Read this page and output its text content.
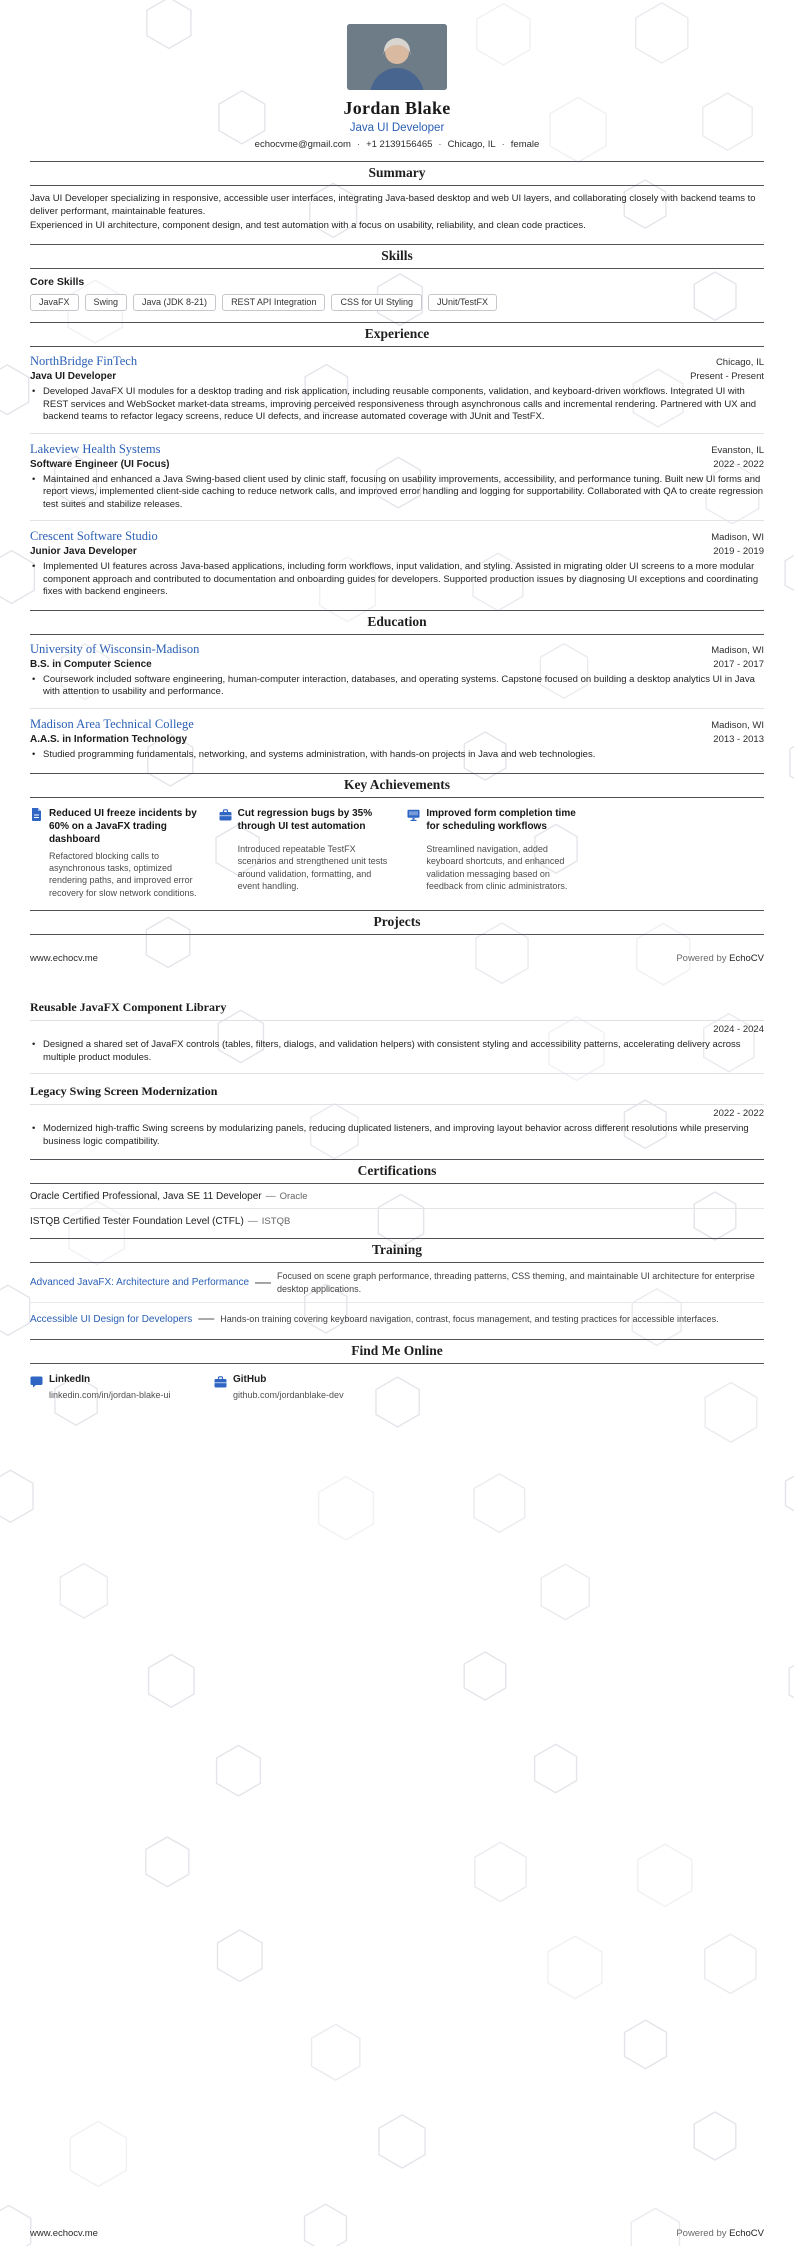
Jordan Blake
Java UI Developer
echocvme@gmail.com · +1 2139156465 · Chicago, IL · female
Summary

Java UI Developer specializing in responsive, accessible user interfaces, integrating Java-based desktop and web UI layers, and collaborating closely with backend teams to deliver performant, maintainable features.

Experienced in UI architecture, component design, and test automation with a focus on usability, reliability, and clean code practices.

Skills
Core Skills
JavaFX	Swing	Java (JDK 8-21)	REST API Integration	CSS for UI Styling	JUnit/TestFX
Experience
NorthBridge FinTech	Chicago, IL
Java UI Developer	Present - Present

• Developed JavaFX UI modules for a desktop trading and risk application, including reusable components, validation, and keyboard-driven workflows. Integrated UI with REST services and WebSocket market-data streams, improving perceived responsiveness through asynchronous calls and incremental rendering. Partnered with UX and backend teams to refactor legacy screens, reduce UI defects, and increase automated coverage with JUnit and TestFX.

Lakeview Health Systems	Evanston, IL
Software Engineer (UI Focus)	2022 - 2022

• Maintained and enhanced a Java Swing-based client used by clinic staff, focusing on usability improvements, accessibility, and performance tuning. Built new UI forms and report views, implemented client-side caching to reduce network calls, and improved error handling and logging for supportability. Collaborated with QA to create regression test suites and stabilize releases.

Crescent Software Studio	Madison, WI
Junior Java Developer	2019 - 2019

• Implemented UI features across Java-based applications, including form workflows, input validation, and styling. Assisted in migrating older UI screens to a more modular component approach and contributed to documentation and onboarding guides for developers. Supported production issues by diagnosing UI exceptions and coordinating fixes with backend engineers.

Education
University of Wisconsin-Madison	Madison, WI
B.S. in Computer Science	2017 - 2017

• Coursework included software engineering, human-computer interaction, databases, and operating systems. Capstone focused on building a desktop analytics UI in Java with attention to usability and performance.

Madison Area Technical College	Madison, WI
A.A.S. in Information Technology	2013 - 2013

• Studied programming fundamentals, networking, and systems administration, with hands-on projects in Java and web technologies.

Key Achievements
Reduced UI freeze incidents by 60% on a JavaFX trading dashboard
Refactored blocking calls to asynchronous tasks, optimized rendering paths, and improved error recovery for slow network conditions.
Cut regression bugs by 35% through UI test automation
Introduced repeatable TestFX scenarios and strengthened unit tests around validation, formatting, and event handling.
Improved form completion time for scheduling workflows
Streamlined navigation, added keyboard shortcuts, and enhanced validation messaging based on feedback from clinic administrators.
Projects
www.echocv.me	Powered by EchoCV
Reusable JavaFX Component Library
2024 - 2024

• Designed a shared set of JavaFX controls (tables, filters, dialogs, and validation helpers) with consistent styling and accessibility patterns, accelerating delivery across multiple product modules.

Legacy Swing Screen Modernization
2022 - 2022

• Modernized high-traffic Swing screens by modularizing panels, reducing duplicated listeners, and improving layout behavior across different resolutions while preserving business logic compatibility.

Certifications
Oracle Certified Professional, Java SE 11 Developer — Oracle
ISTQB Certified Tester Foundation Level (CTFL) — ISTQB
Training
Advanced JavaFX: Architecture and Performance — Focused on scene graph performance, threading patterns, CSS theming, and maintainable UI architecture for enterprise desktop applications.

Accessible UI Design for Developers — Hands-on training covering keyboard navigation, contrast, focus management, and testing practices for accessible interfaces.

Find Me Online
LinkedIn
linkedin.com/in/jordan-blake-ui
GitHub
github.com/jordanblake-dev
www.echocv.me	Powered by EchoCV
